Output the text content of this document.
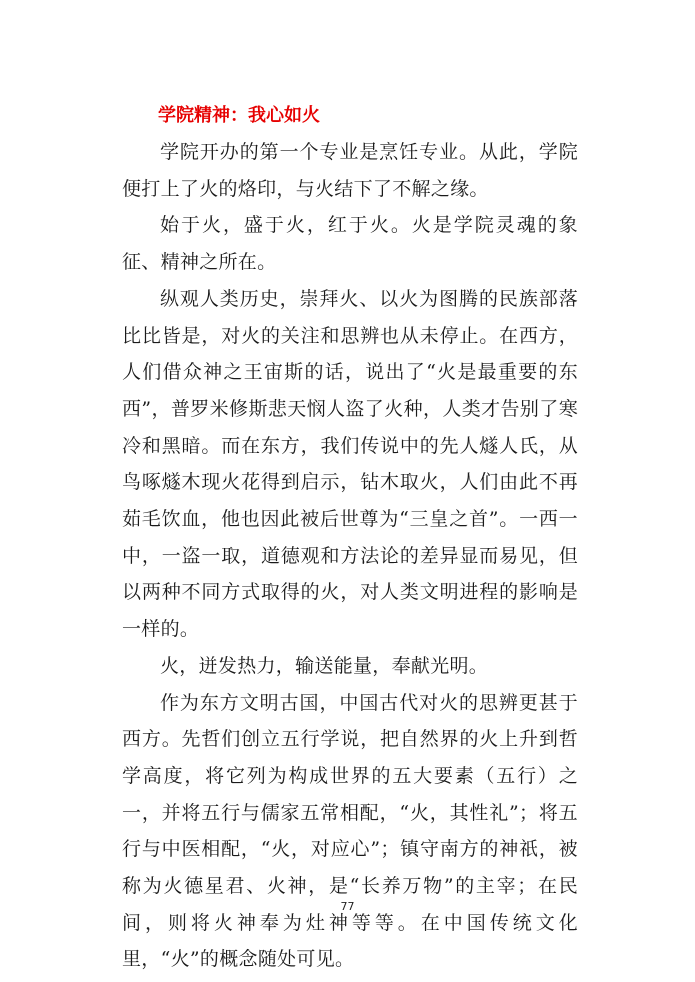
学院精神：我心如火

学院开办的第一个专业是烹饪专业。从此，学院便打上了火的烙印，与火结下了不解之缘。

始于火，盛于火，红于火。火是学院灵魂的象征、精神之所在。

纵观人类历史，崇拜火、以火为图腾的民族部落比比皆是，对火的关注和思辨也从未停止。在西方，人们借众神之王宙斯的话，说出了“火是最重要的东西”，普罗米修斯悲天悯人盗了火种，人类才告别了寒冷和黑暗。而在东方，我们传说中的先人燧人氏，从鸟啄燧木现火花得到启示，钻木取火，人们由此不再茹毛饮血，他也因此被后世尊为“三皇之首”。一西一中，一盗一取，道德观和方法论的差异显而易见，但以两种不同方式取得的火，对人类文明进程的影响是一样的。

火，迸发热力，输送能量，奉献光明。

作为东方文明古国，中国古代对火的思辨更甚于西方。先哲们创立五行学说，把自然界的火上升到哲学高度，将它列为构成世界的五大要素（五行）之一，并将五行与儒家五常相配，“火，其性礼”；将五行与中医相配，“火，对应心”；镇守南方的神祇，被称为火德星君、火神，是“长养万物”的主宰；在民间，则将火神奉为灶神等等。在中国传统文化里，“火”的概念随处可见。

77
